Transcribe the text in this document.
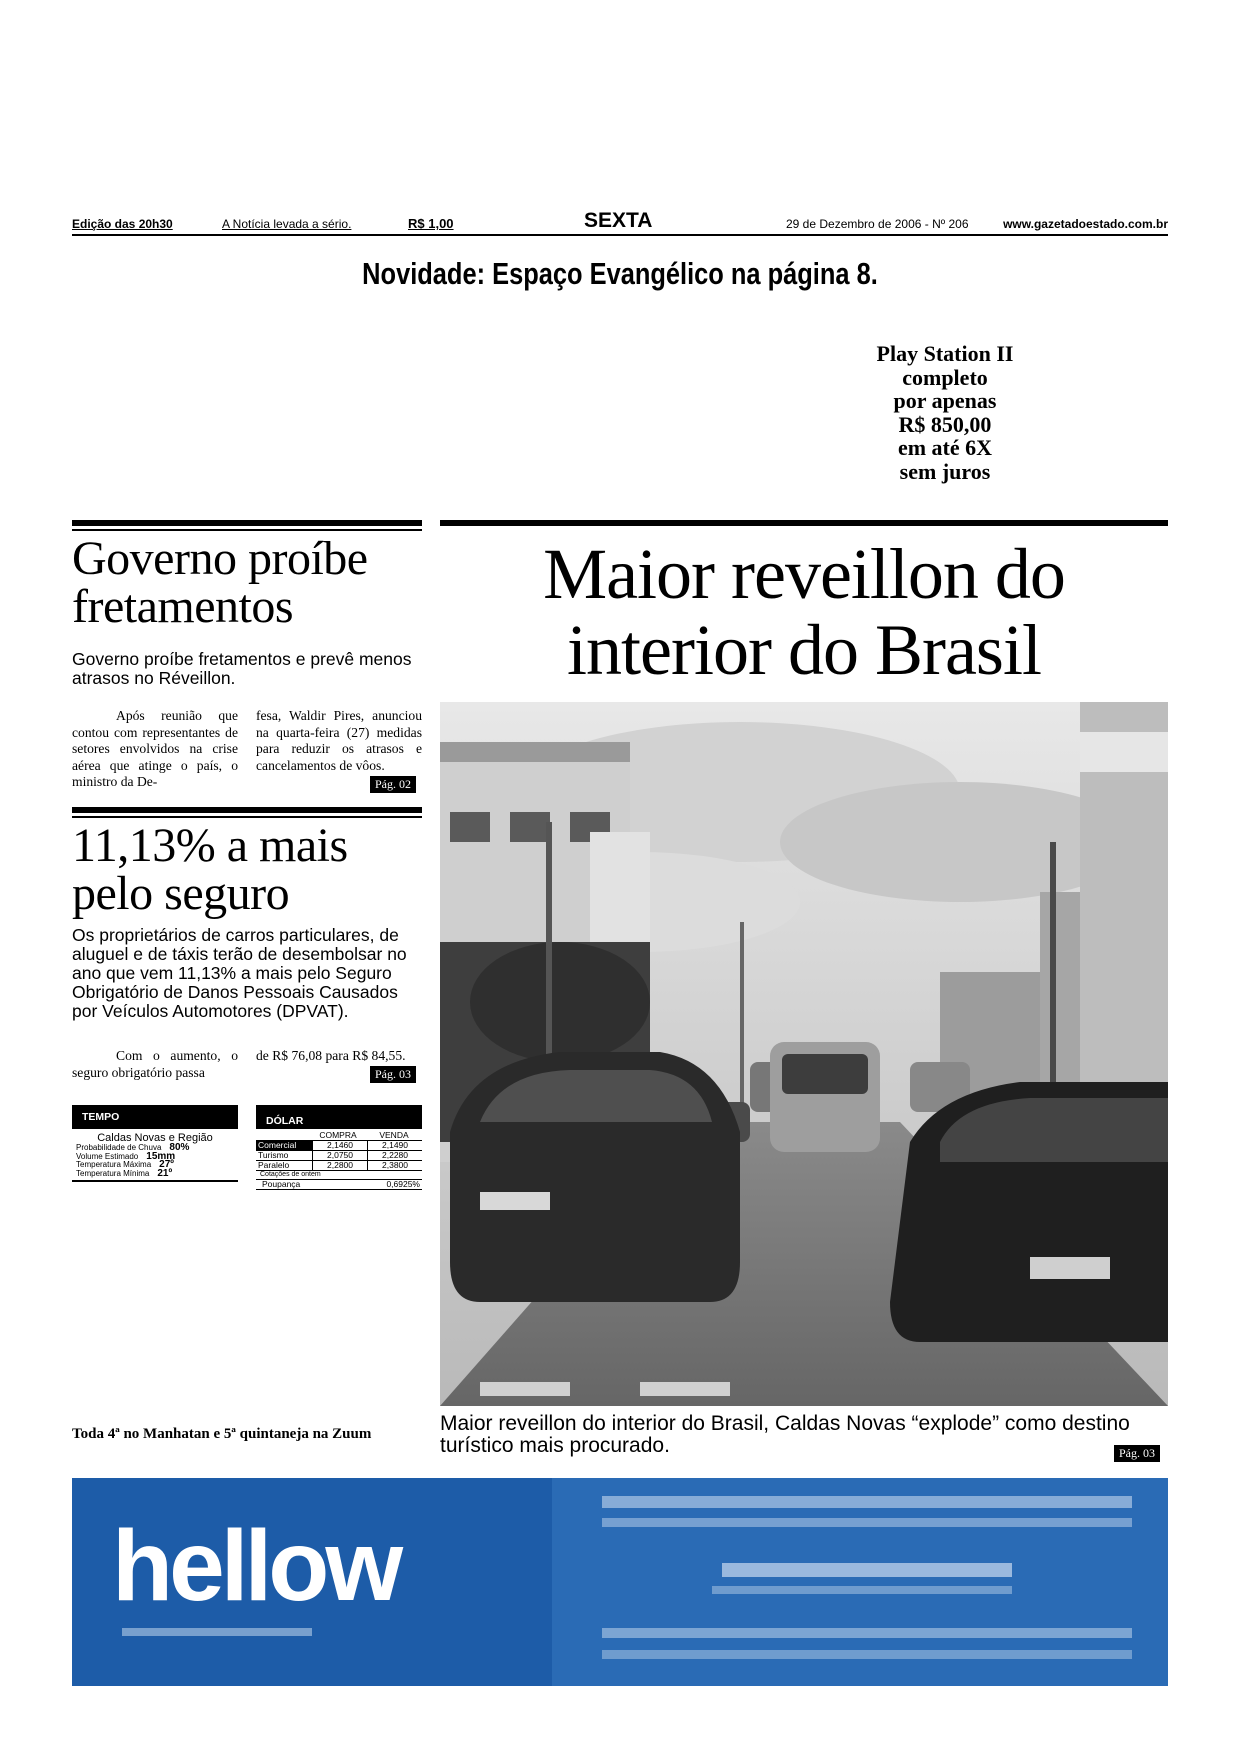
Edição das 20h30	A Notícia levada a sério.	R$ 1,00	SEXTA	29 de Dezembro de 2006 - Nº 206	www.gazetadoestado.com.br
Novidade: Espaço Evangélico na página 8.
Play Station II
completo
por apenas
R$ 850,00
em até 6X
sem juros
Governo proíbe
fretamentos
Governo proíbe fretamentos e prevê menos atrasos no Réveillon.
Após reunião que contou com representantes de setores envolvidos na crise aérea que atinge o país, o ministro da De-
fesa, Waldir Pires, anunciou na quarta-feira (27) medidas para reduzir os atrasos e cancelamentos de vôos.
Pág. 02
11,13% a mais
pelo seguro
Os proprietários de carros particulares, de aluguel e de táxis terão de desembolsar no ano que vem 11,13% a mais pelo Seguro Obrigatório de Danos Pessoais Causados por Veículos Automotores (DPVAT).
Com o aumento, o seguro obrigatório passa
de R$ 76,08 para R$ 84,55.
Pág. 03
TEMPO
Caldas Novas e Região
Probabilidade de Chuva 80%
Volume Estimado 15mm
Temperatura Máxima 27º
Temperatura Mínima 21º
DÓLAR
COMPRA	VENDA
Comercial	2,1460	2,1490
Turismo	2,0750	2,2280
Paralelo	2,2800	2,3800
Cotações de ontem
Poupança	0,6925%
Maior reveillon do
interior do Brasil
Toda 4ª no Manhatan e 5ª quintaneja na Zuum	Maior reveillon do interior do Brasil, Caldas Novas “explode” como destino turístico mais procurado.	Pág. 03
hellow
